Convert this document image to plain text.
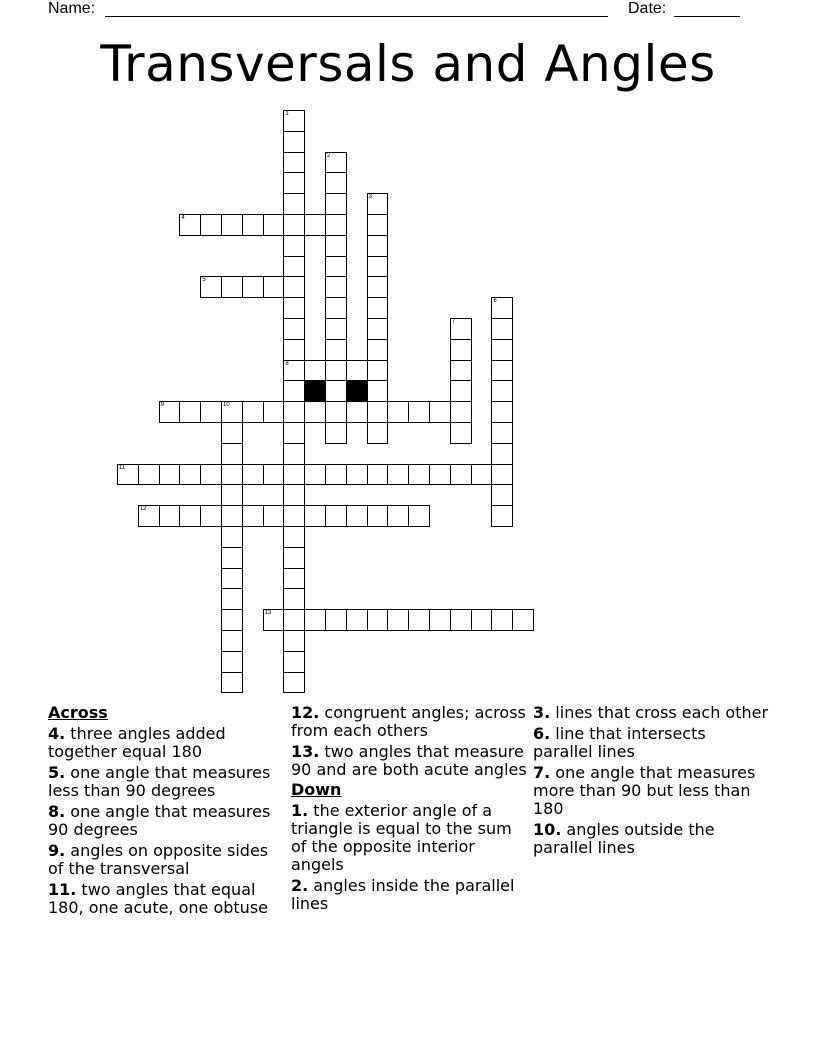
Name:	Date:
Transversals and Angles
1
8
2
3
4
5
6
7
9	10
11
12
13
Across
4. three angles added together equal 180
5. one angle that measures less than 90 degrees
8. one angle that measures 90 degrees
9. angles on opposite sides of the transversal
11. two angles that equal 180, one acute, one obtuse
12. congruent angles; across from each others
13. two angles that measure 90 and are both acute angles
Down
1. the exterior angle of a triangle is equal to the sum of the opposite interior angels
2. angles inside the parallel lines
3. lines that cross each other
6. line that intersects parallel lines
7. one angle that measures more than 90 but less than 180
10. angles outside the parallel lines
